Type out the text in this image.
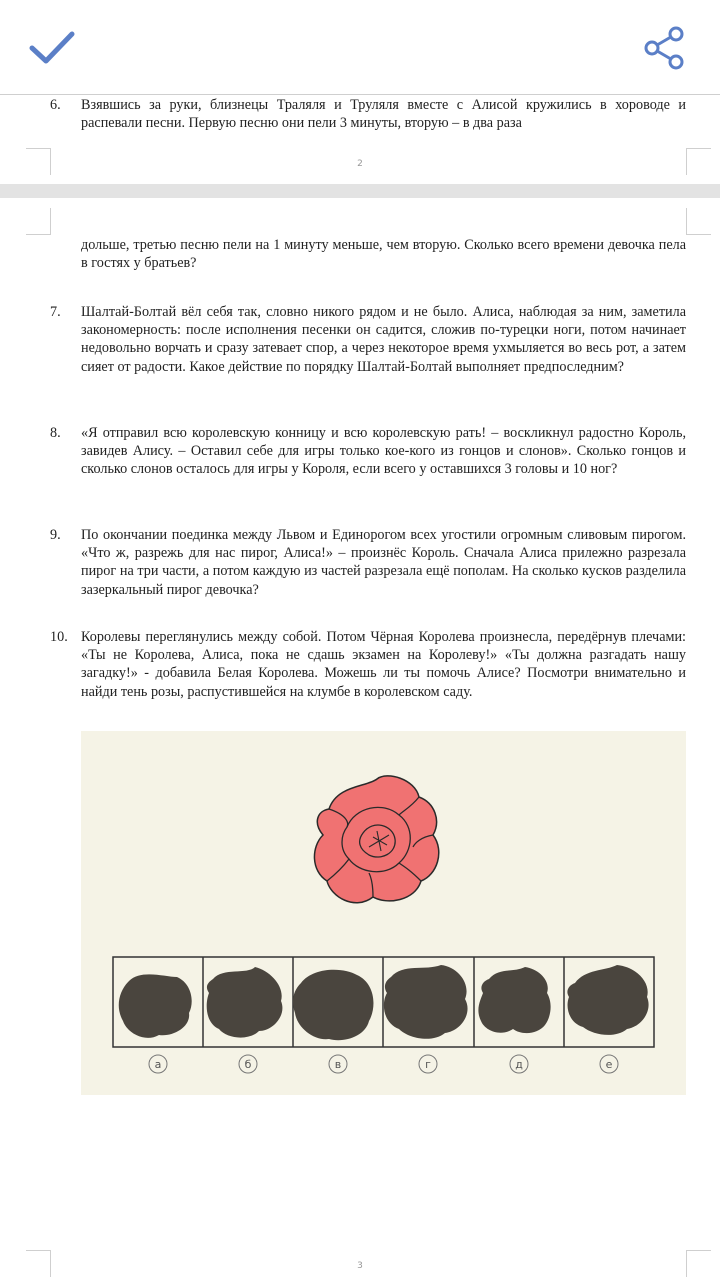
6.	Взявшись за руки, близнецы Траляля и Труляля вместе с Алисой кружились в хороводе и распевали песни. Первую песню они пели 3 минуты, вторую – в два раза
2
дольше, третью песню пели на 1 минуту меньше, чем вторую. Сколько всего времени девочка пела в гостях у братьев?
7.	Шалтай-Болтай вёл себя так, словно никого рядом и не было. Алиса, наблюдая за ним, заметила закономерность: после исполнения песенки он садится, сложив по-турецки ноги, потом начинает недовольно ворчать и сразу затевает спор, а через некоторое время ухмыляется во весь рот, а затем сияет от радости. Какое действие по порядку Шалтай-Болтай выполняет предпоследним?
8.	«Я отправил всю королевскую конницу и всю королевскую рать! – воскликнул радостно Король, завидев Алису. – Оставил себе для игры только кое-кого из гонцов и слонов». Сколько гонцов и сколько слонов осталось для игры у Короля, если всего у оставшихся 3 головы и 10 ног?
9.	По окончании поединка между Львом и Единорогом всех угостили огромным сливовым пирогом. «Что ж, разрежь для нас пирог, Алиса!» – произнёс Король. Сначала Алиса прилежно разрезала пирог на три части, а потом каждую из частей разрезала ещё пополам. На сколько кусков разделила зазеркальный пирог девочка?
10. Королевы переглянулись между собой. Потом Чёрная Королева произнесла, передёрнув плечами: «Ты не Королева, Алиса, пока не сдашь экзамен на Королеву!» «Ты должна разгадать нашу загадку!» - добавила Белая Королева. Можешь ли ты помочь Алисе? Посмотри внимательно и найди тень розы, распустившейся на клумбе в королевском саду.
а	б	в	г	д	е
3
